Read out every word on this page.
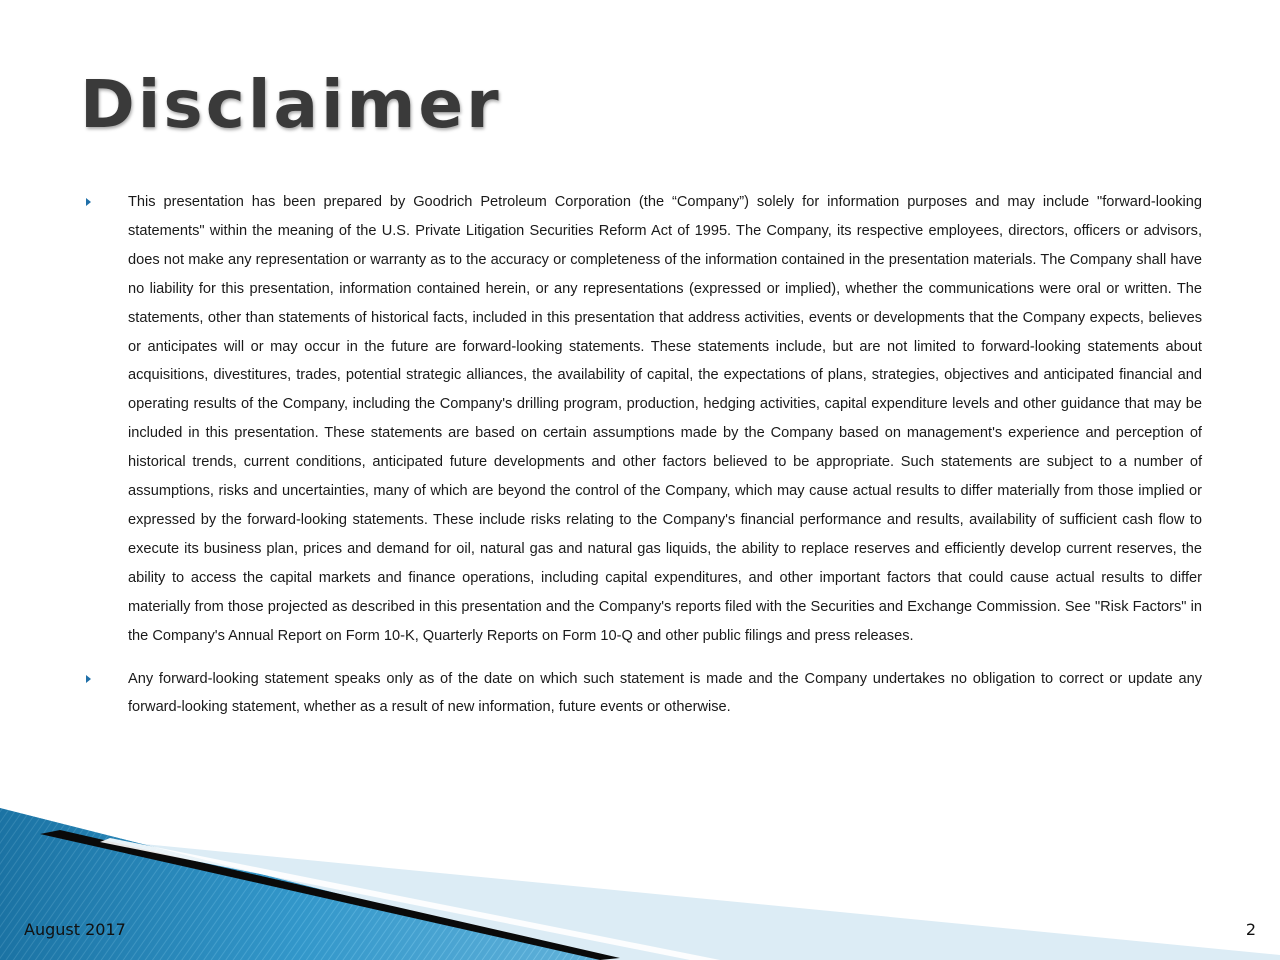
Disclaimer
This presentation has been prepared by Goodrich Petroleum Corporation (the “Company”) solely for information purposes and may include "forward-looking statements" within the meaning of the U.S. Private Litigation Securities Reform Act of 1995. The Company, its respective employees, directors, officers or advisors, does not make any representation or warranty as to the accuracy or completeness of the information contained in the presentation materials. The Company shall have no liability for this presentation, information contained herein, or any representations (expressed or implied), whether the communications were oral or written. The statements, other than statements of historical facts, included in this presentation that address activities, events or developments that the Company expects, believes or anticipates will or may occur in the future are forward-looking statements. These statements include, but are not limited to forward-looking statements about acquisitions, divestitures, trades, potential strategic alliances, the availability of capital, the expectations of plans, strategies, objectives and anticipated financial and operating results of the Company, including the Company's drilling program, production, hedging activities, capital expenditure levels and other guidance that may be included in this presentation. These statements are based on certain assumptions made by the Company based on management's experience and perception of historical trends, current conditions, anticipated future developments and other factors believed to be appropriate. Such statements are subject to a number of assumptions, risks and uncertainties, many of which are beyond the control of the Company, which may cause actual results to differ materially from those implied or expressed by the forward-looking statements. These include risks relating to the Company's financial performance and results, availability of sufficient cash flow to execute its business plan, prices and demand for oil, natural gas and natural gas liquids, the ability to replace reserves and efficiently develop current reserves, the ability to access the capital markets and finance operations, including capital expenditures, and other important factors that could cause actual results to differ materially from those projected as described in this presentation and the Company's reports filed with the Securities and Exchange Commission. See "Risk Factors" in the Company's Annual Report on Form 10-K, Quarterly Reports on Form 10-Q and other public filings and press releases.
Any forward-looking statement speaks only as of the date on which such statement is made and the Company undertakes no obligation to correct or update any forward-looking statement, whether as a result of new information, future events or otherwise.

August 2017	2
